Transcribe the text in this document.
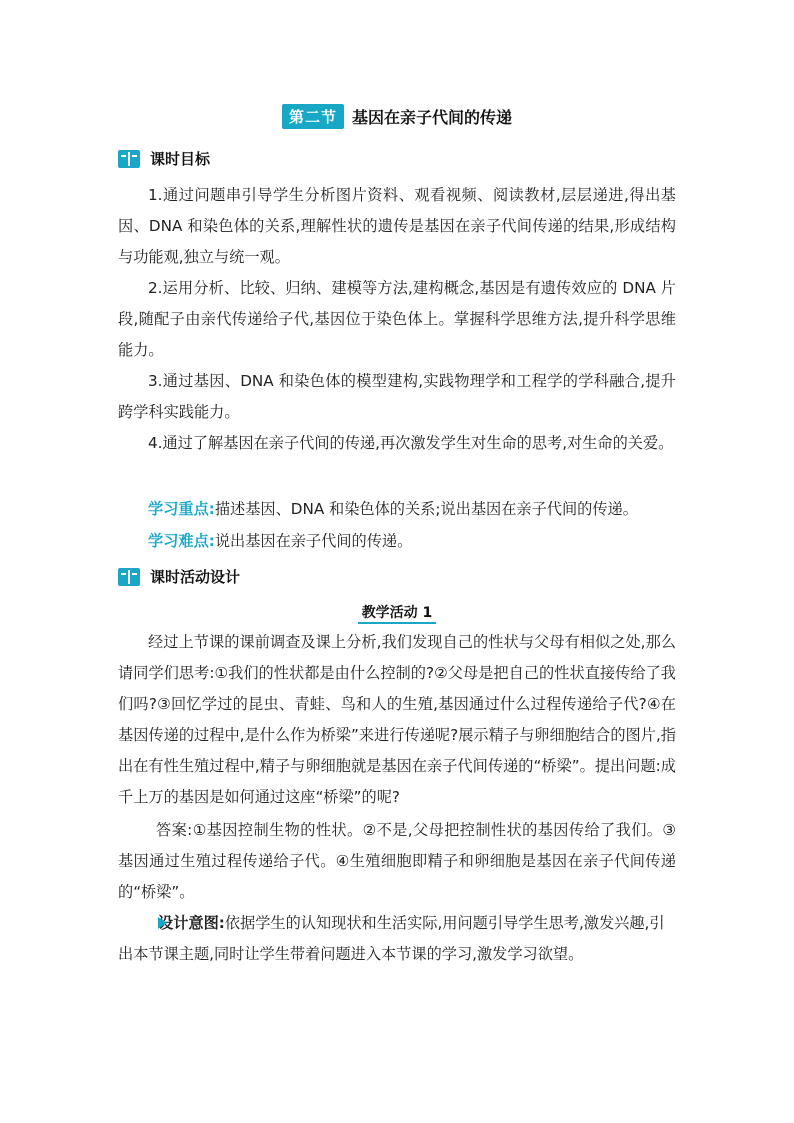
第二节 基因在亲子代间的传递
课时目标

1.通过问题串引导学生分析图片资料、观看视频、阅读教材,层层递进,得出基因、DNA 和染色体的关系,理解性状的遗传是基因在亲子代间传递的结果,形成结构与功能观,独立与统一观。

2.运用分析、比较、归纳、建模等方法,建构概念,基因是有遗传效应的 DNA 片段,随配子由亲代传递给子代,基因位于染色体上。掌握科学思维方法,提升科学思维能力。

3.通过基因、DNA 和染色体的模型建构,实践物理学和工程学的学科融合,提升跨学科实践能力。

4.通过了解基因在亲子代间的传递,再次激发学生对生命的思考,对生命的关爱。

学习重点:描述基因、DNA 和染色体的关系;说出基因在亲子代间的传递。
学习难点:说出基因在亲子代间的传递。
课时活动设计
教学活动 1

经过上节课的课前调查及课上分析,我们发现自己的性状与父母有相似之处,那么请同学们思考:①我们的性状都是由什么控制的?②父母是把自己的性状直接传给了我们吗?③回忆学过的昆虫、青蛙、鸟和人的生殖,基因通过什么过程传递给子代?④在基因传递的过程中,是什么作为桥梁”来进行传递呢?展示精子与卵细胞结合的图片,指出在有性生殖过程中,精子与卵细胞就是基因在亲子代间传递的“桥梁”。提出问题:成千上万的基因是如何通过这座“桥梁”的呢?

答案:①基因控制生物的性状。②不是,父母把控制性状的基因传给了我们。③基因通过生殖过程传递给子代。④生殖细胞即精子和卵细胞是基因在亲子代间传递的“桥梁”。

设计意图:依据学生的认知现状和生活实际,用问题引导学生思考,激发兴趣,引出本节课主题,同时让学生带着问题进入本节课的学习,激发学习欲望。
